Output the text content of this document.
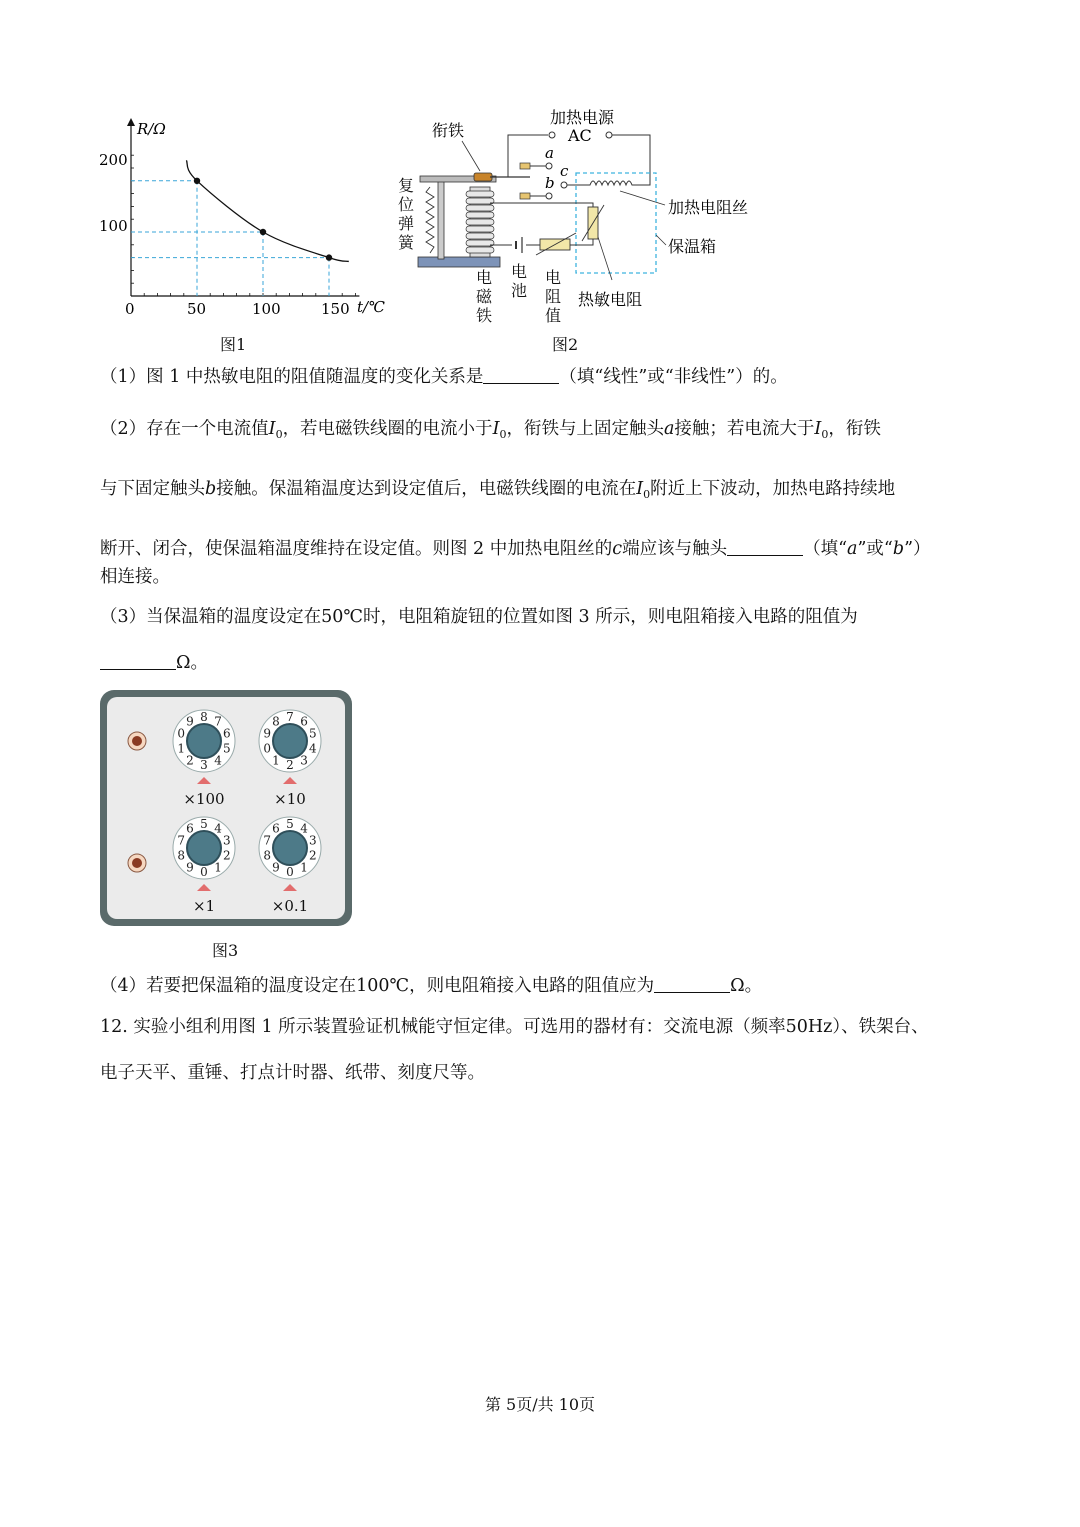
R/Ω
t/℃
200
100
0	50	100	150
图1
a
b
c
加热电源
AC
加热电阻丝
保温箱
热敏电阻
衔铁
复位弹簧
电磁铁
电池
电阻值
图2
（1）图 1 中热敏电阻的阻值随温度的变化关系是	（填“线性”或“非线性”）的。
（2）存在一个电流值$I_0$，若电磁铁线圈的电流小于$I_0$，衔铁与上固定触头a接触；若电流大于$I_0$，衔铁
与下固定触头b接触。保温箱温度达到设定值后，电磁铁线圈的电流在$I_0$附近上下波动，加热电路持续地
断开、闭合，使保温箱温度维持在设定值。则图 2 中加热电阻丝的c端应该与触头	（填“a”或“b”）
相连接。
（3）当保温箱的温度设定在50℃时，电阻箱旋钮的位置如图 3 所示，则电阻箱接入电路的阻值为
Ω。
0
1
2 3 4
5
6
7
8
9
×100
0
1 2 3
4
5
6
7
8
9
×10
0 1
2
3
4
5
6
7
8
9
×1
0 1
2
3
4
5
6
7
8
9
×0.1
图3
（4）若要把保温箱的温度设定在100℃，则电阻箱接入电路的阻值应为	Ω。
12. 实验小组利用图 1 所示装置验证机械能守恒定律。可选用的器材有：交流电源（频率50Hz）、铁架台、
电子天平、重锤、打点计时器、纸带、刻度尺等。
第 5页/共 10页
